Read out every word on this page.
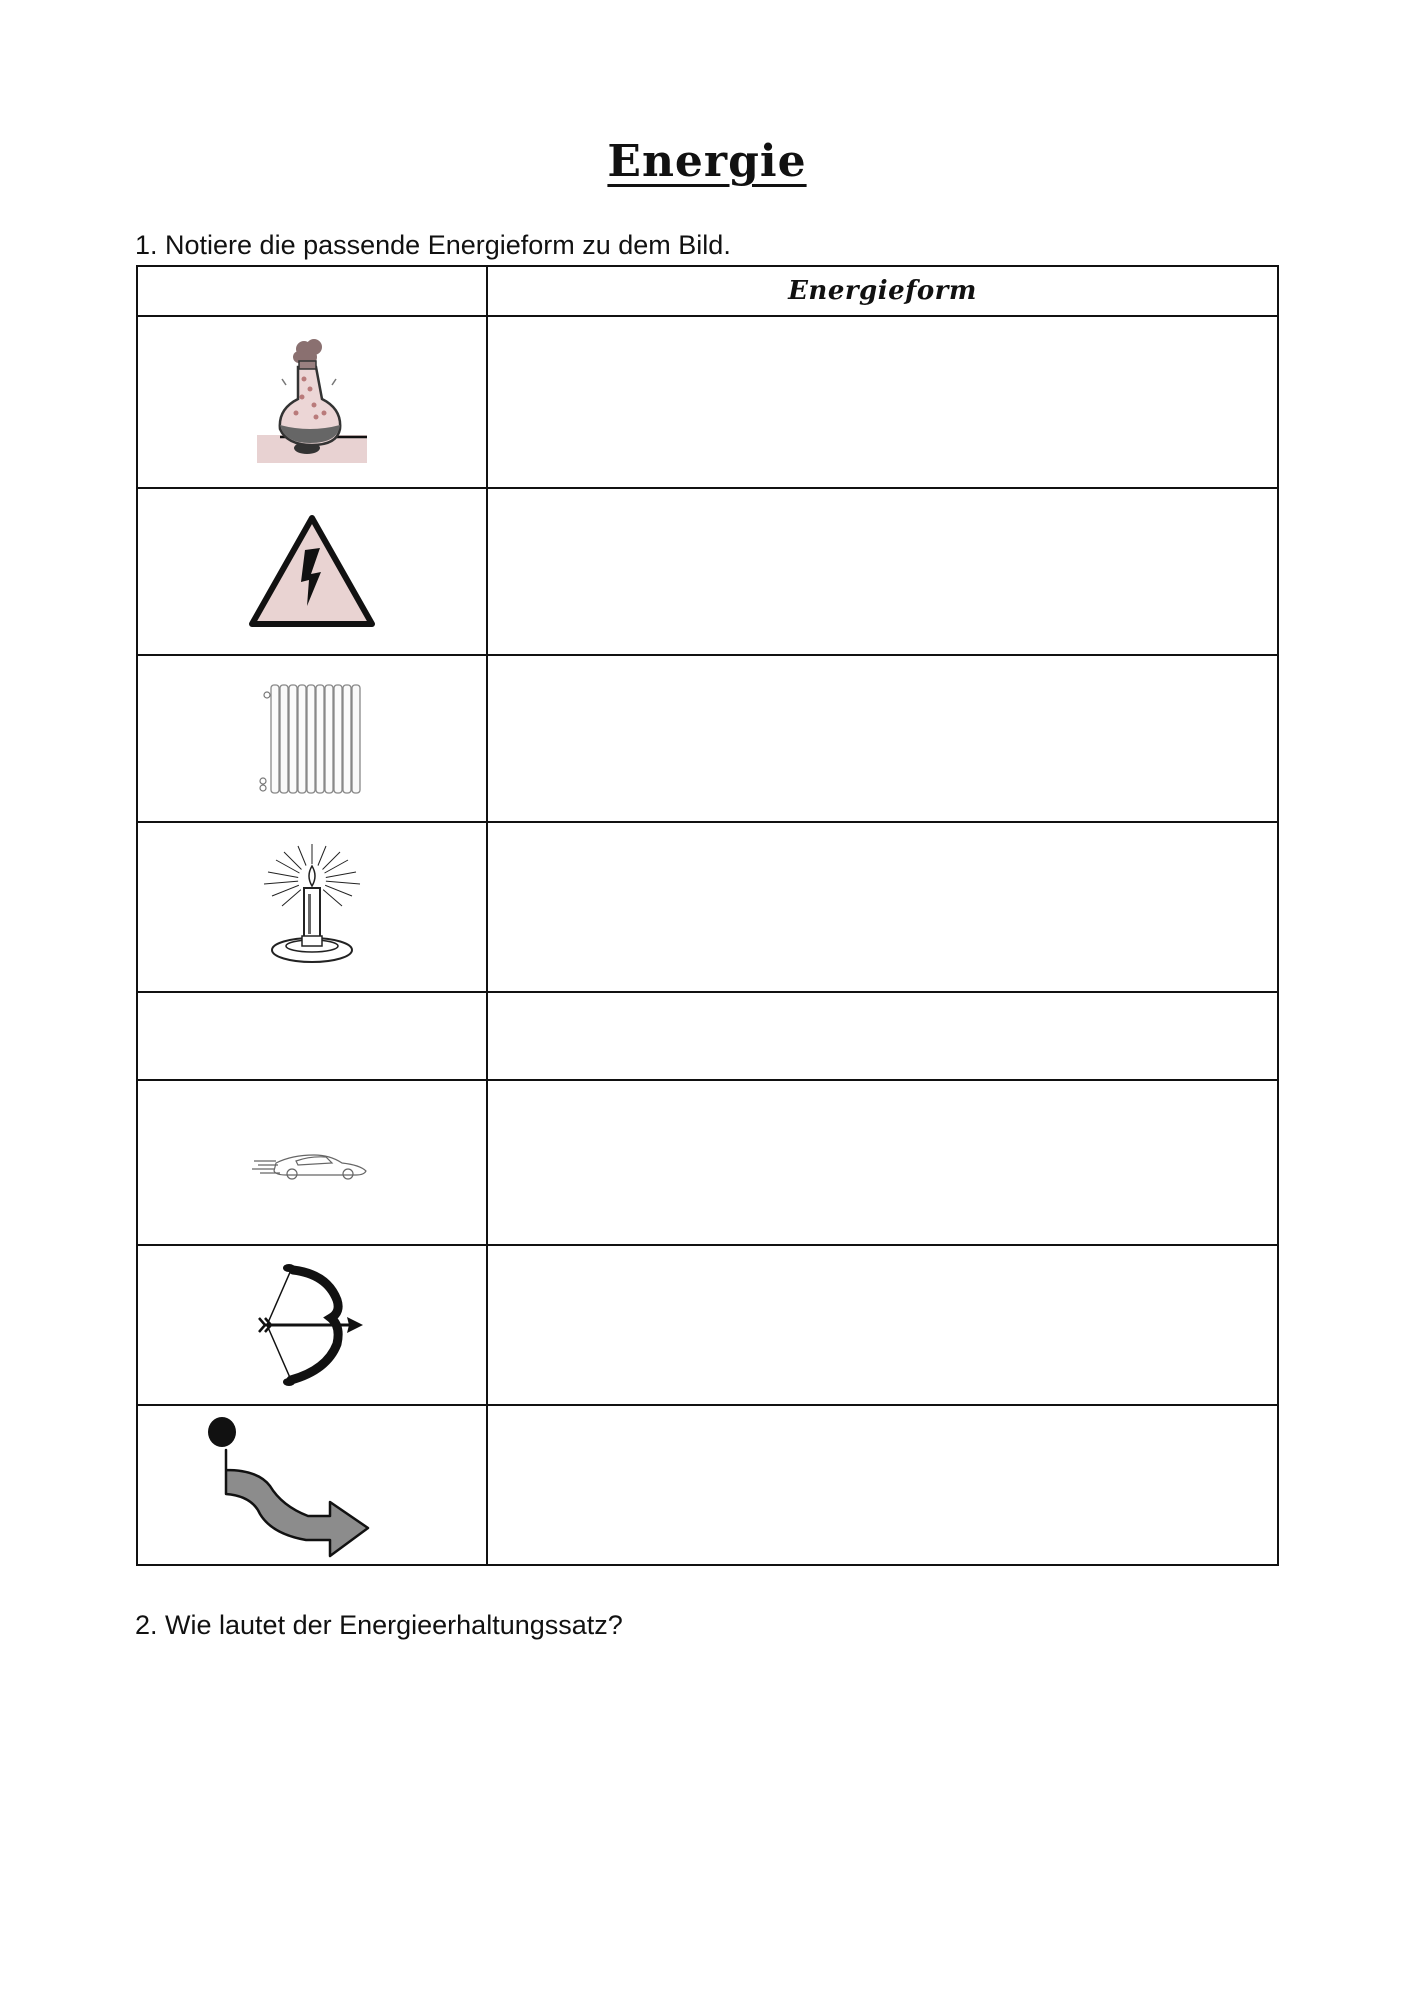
Energie
1. Notiere die passende Energieform zu dem Bild.
	Energieform

2. Wie lautet der Energieerhaltungssatz?
